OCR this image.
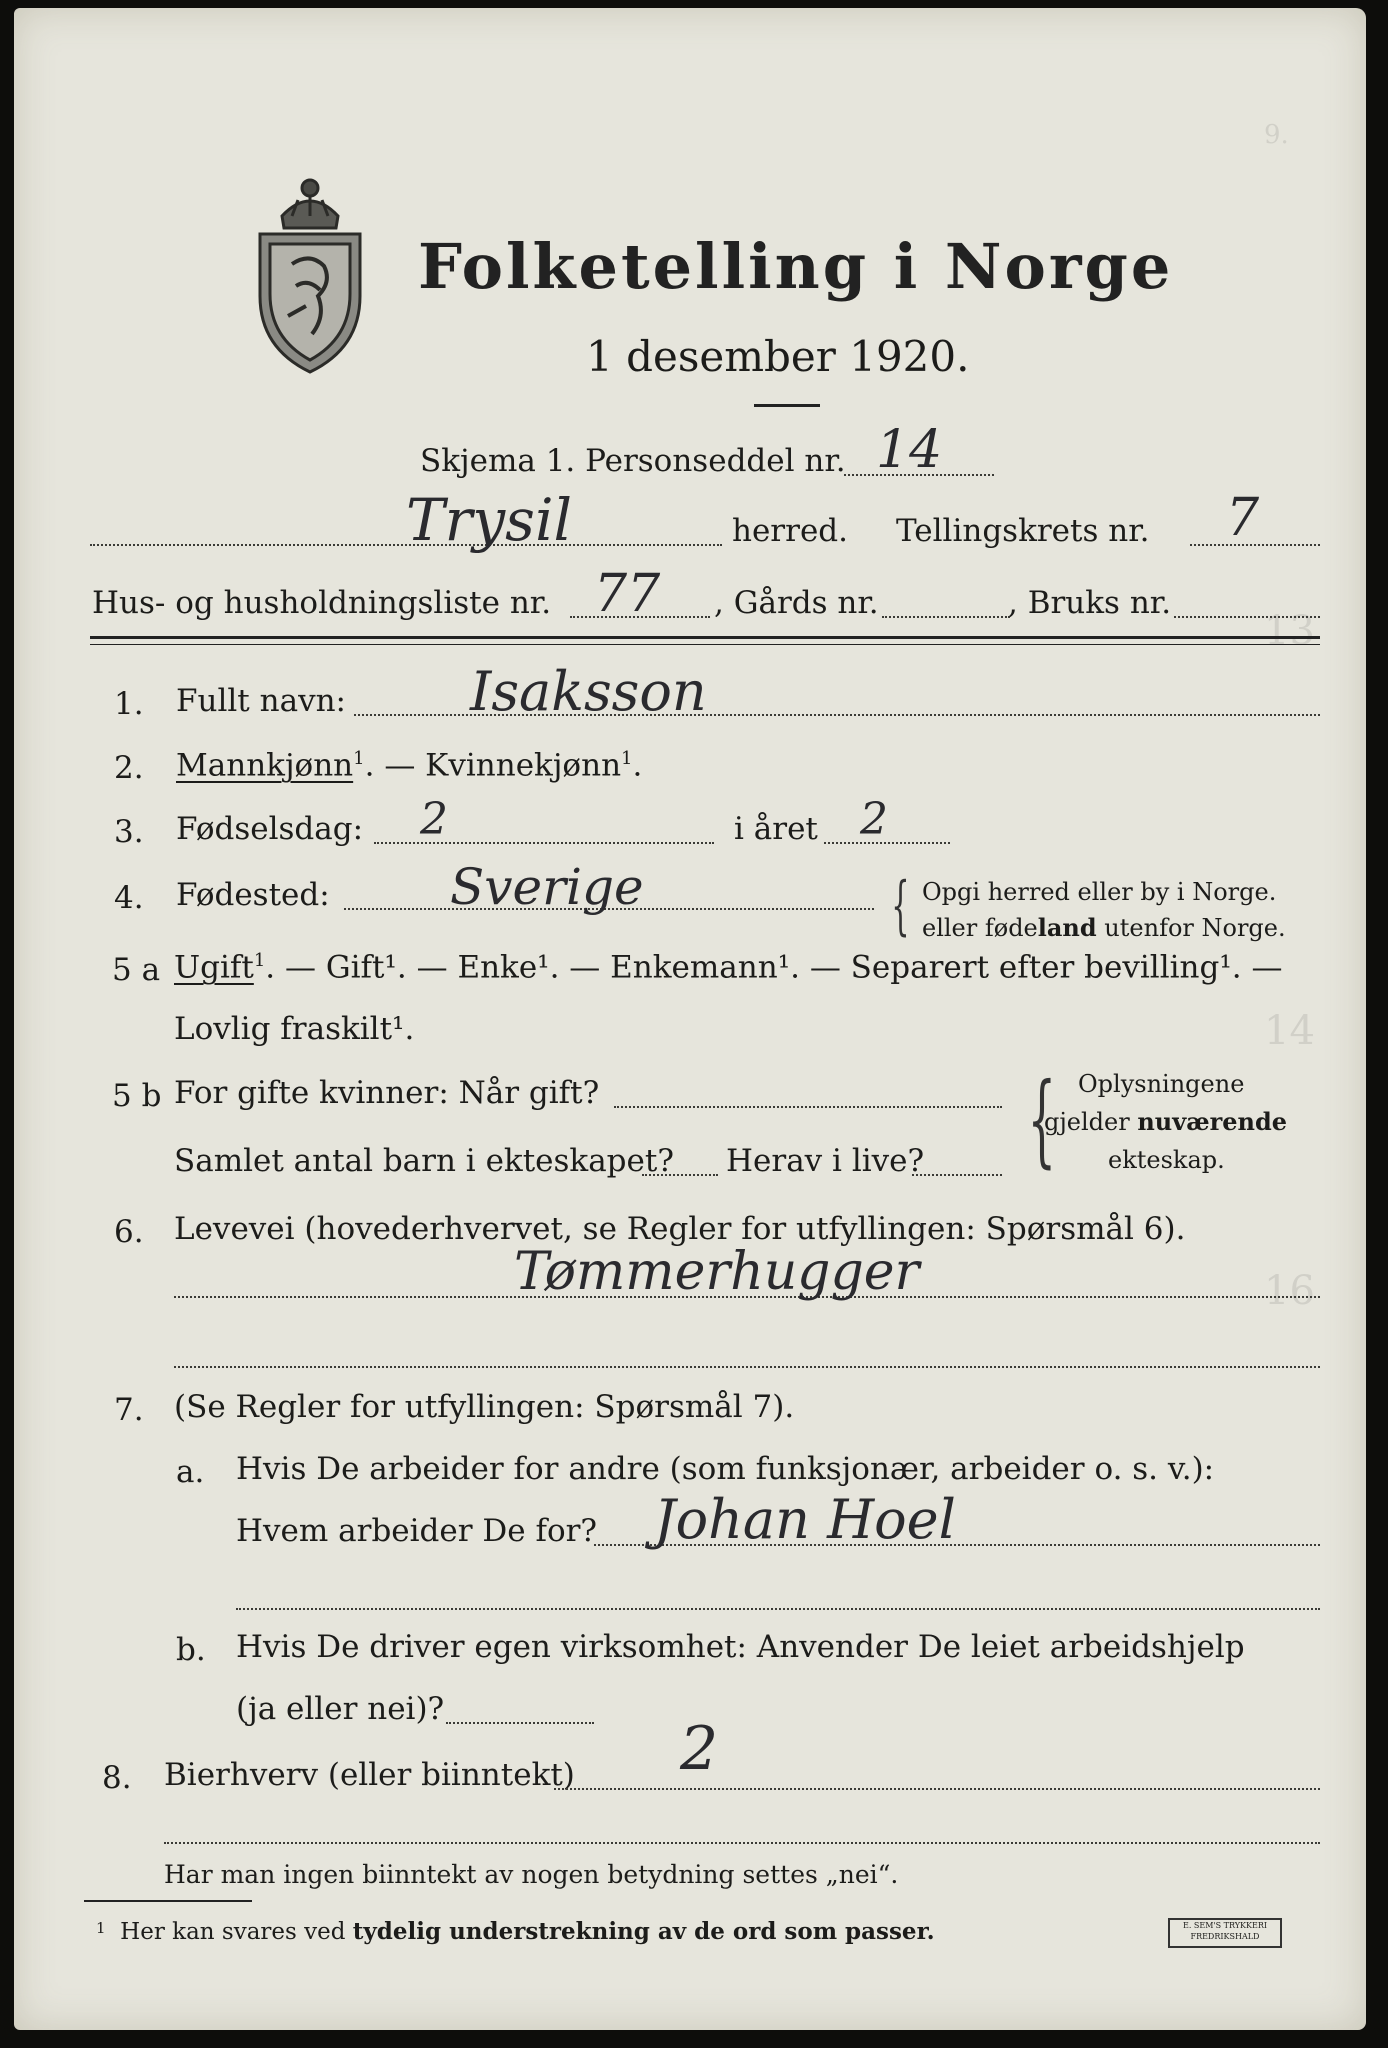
9.
13
14
16
Folketelling i Norge
1 desember 1920.
Skjema 1. Personseddel nr. 14
Trysil	herred. Tellingskrets nr. 7
Hus- og husholdningsliste nr. 77 , Gårds nr.	, Bruks nr.
1. Fullt navn: Isaksson
2. Mannkjønn$^1$. — Kvinnekjønn$^1$.
3. Fødselsdag: 2	i året 2
4. Fødested: Sverige	{ Opgi herred eller by i Norge.
eller fødeland utenfor Norge.
5 a Ugift$^1$. — Gift¹. — Enke¹. — Enkemann¹. — Separert efter bevilling¹. —
Lovlig fraskilt¹.
5 b For gifte kvinner: Når gift?
Samlet antal barn i ekteskapet? Herav i live? { Oplysningene
gjelder nuværende
ekteskap.
6. Levevei (hovederhvervet, se Regler for utfyllingen: Spørsmål 6).
Tømmerhugger
7. (Se Regler for utfyllingen: Spørsmål 7).
a. Hvis De arbeider for andre (som funksjonær, arbeider o. s. v.):
Hvem arbeider De for? Johan Hoel
b. Hvis De driver egen virksomhet: Anvender De leiet arbeidshjelp
(ja eller nei)?
8. Bierhverv (eller biinntekt) 2
Har man ingen biinntekt av nogen betydning settes „nei“.
$^1$ Her kan svares ved tydelig understrekning av de ord som passer.	E. SEM'S TRYKKERI
FREDRIKSHALD
